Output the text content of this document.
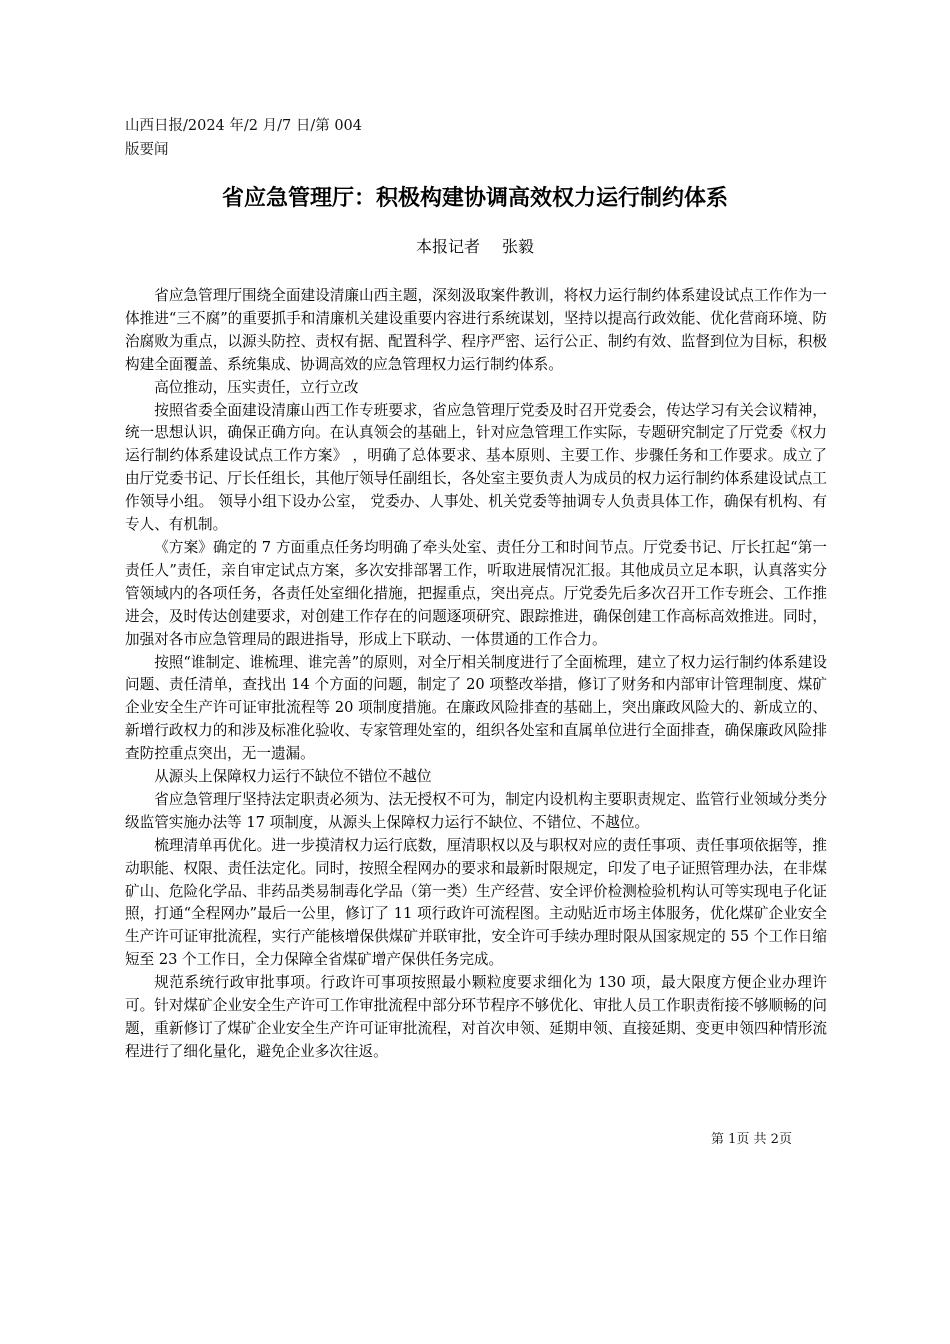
山西日报/2024 年/2 月/7 日/第 004
版要闻
省应急管理厅：积极构建协调高效权力运行制约体系
本报记者 张毅

省应急管理厅围绕全面建设清廉山西主题，深刻汲取案件教训，将权力运行制约体系建设试点工作作为一体推进“三不腐”的重要抓手和清廉机关建设重要内容进行系统谋划，坚持以提高行政效能、优化营商环境、防治腐败为重点，以源头防控、责权有据、配置科学、程序严密、运行公正、制约有效、监督到位为目标，积极构建全面覆盖、系统集成、协调高效的应急管理权力运行制约体系。

高位推动，压实责任，立行立改

按照省委全面建设清廉山西工作专班要求，省应急管理厅党委及时召开党委会，传达学习有关会议精神，统一思想认识，确保正确方向。在认真领会的基础上，针对应急管理工作实际，专题研究制定了厅党委《权力运行制约体系建设试点工作方案》 ，明确了总体要求、基本原则、主要工作、步骤任务和工作要求。成立了由厅党委书记、厅长任组长，其他厅领导任副组长，各处室主要负责人为成员的权力运行制约体系建设试点工作领导小组。 领导小组下设办公室， 党委办、人事处、机关党委等抽调专人负责具体工作，确保有机构、有专人、有机制。

《方案》确定的 7 方面重点任务均明确了牵头处室、责任分工和时间节点。厅党委书记、厅长扛起“第一责任人”责任，亲自审定试点方案，多次安排部署工作，听取进展情况汇报。其他成员立足本职，认真落实分管领域内的各项任务，各责任处室细化措施，把握重点，突出亮点。厅党委先后多次召开工作专班会、工作推进会，及时传达创建要求，对创建工作存在的问题逐项研究、跟踪推进，确保创建工作高标高效推进。同时，加强对各市应急管理局的跟进指导，形成上下联动、一体贯通的工作合力。

按照“谁制定、谁梳理、谁完善”的原则，对全厅相关制度进行了全面梳理，建立了权力运行制约体系建设问题、责任清单，查找出 14 个方面的问题，制定了 20 项整改举措，修订了财务和内部审计管理制度、煤矿企业安全生产许可证审批流程等 20 项制度措施。在廉政风险排查的基础上，突出廉政风险大的、新成立的、新增行政权力的和涉及标准化验收、专家管理处室的，组织各处室和直属单位进行全面排查，确保廉政风险排查防控重点突出，无一遗漏。

从源头上保障权力运行不缺位不错位不越位

省应急管理厅坚持法定职责必须为、法无授权不可为，制定内设机构主要职责规定、监管行业领域分类分级监管实施办法等 17 项制度，从源头上保障权力运行不缺位、不错位、不越位。

梳理清单再优化。进一步摸清权力运行底数，厘清职权以及与职权对应的责任事项、责任事项依据等，推动职能、权限、责任法定化。同时，按照全程网办的要求和最新时限规定，印发了电子证照管理办法，在非煤矿山、危险化学品、非药品类易制毒化学品（第一类）生产经营、安全评价检测检验机构认可等实现电子化证照，打通“全程网办”最后一公里，修订了 11 项行政许可流程图。主动贴近市场主体服务，优化煤矿企业安全生产许可证审批流程，实行产能核增保供煤矿并联审批，安全许可手续办理时限从国家规定的 55 个工作日缩短至 23 个工作日，全力保障全省煤矿增产保供任务完成。

规范系统行政审批事项。行政许可事项按照最小颗粒度要求细化为 130 项，最大限度方便企业办理许可。针对煤矿企业安全生产许可工作审批流程中部分环节程序不够优化、审批人员工作职责衔接不够顺畅的问题，重新修订了煤矿企业安全生产许可证审批流程，对首次申领、延期申领、直接延期、变更申领四种情形流程进行了细化量化，避免企业多次往返。

第 1页 共 2页
